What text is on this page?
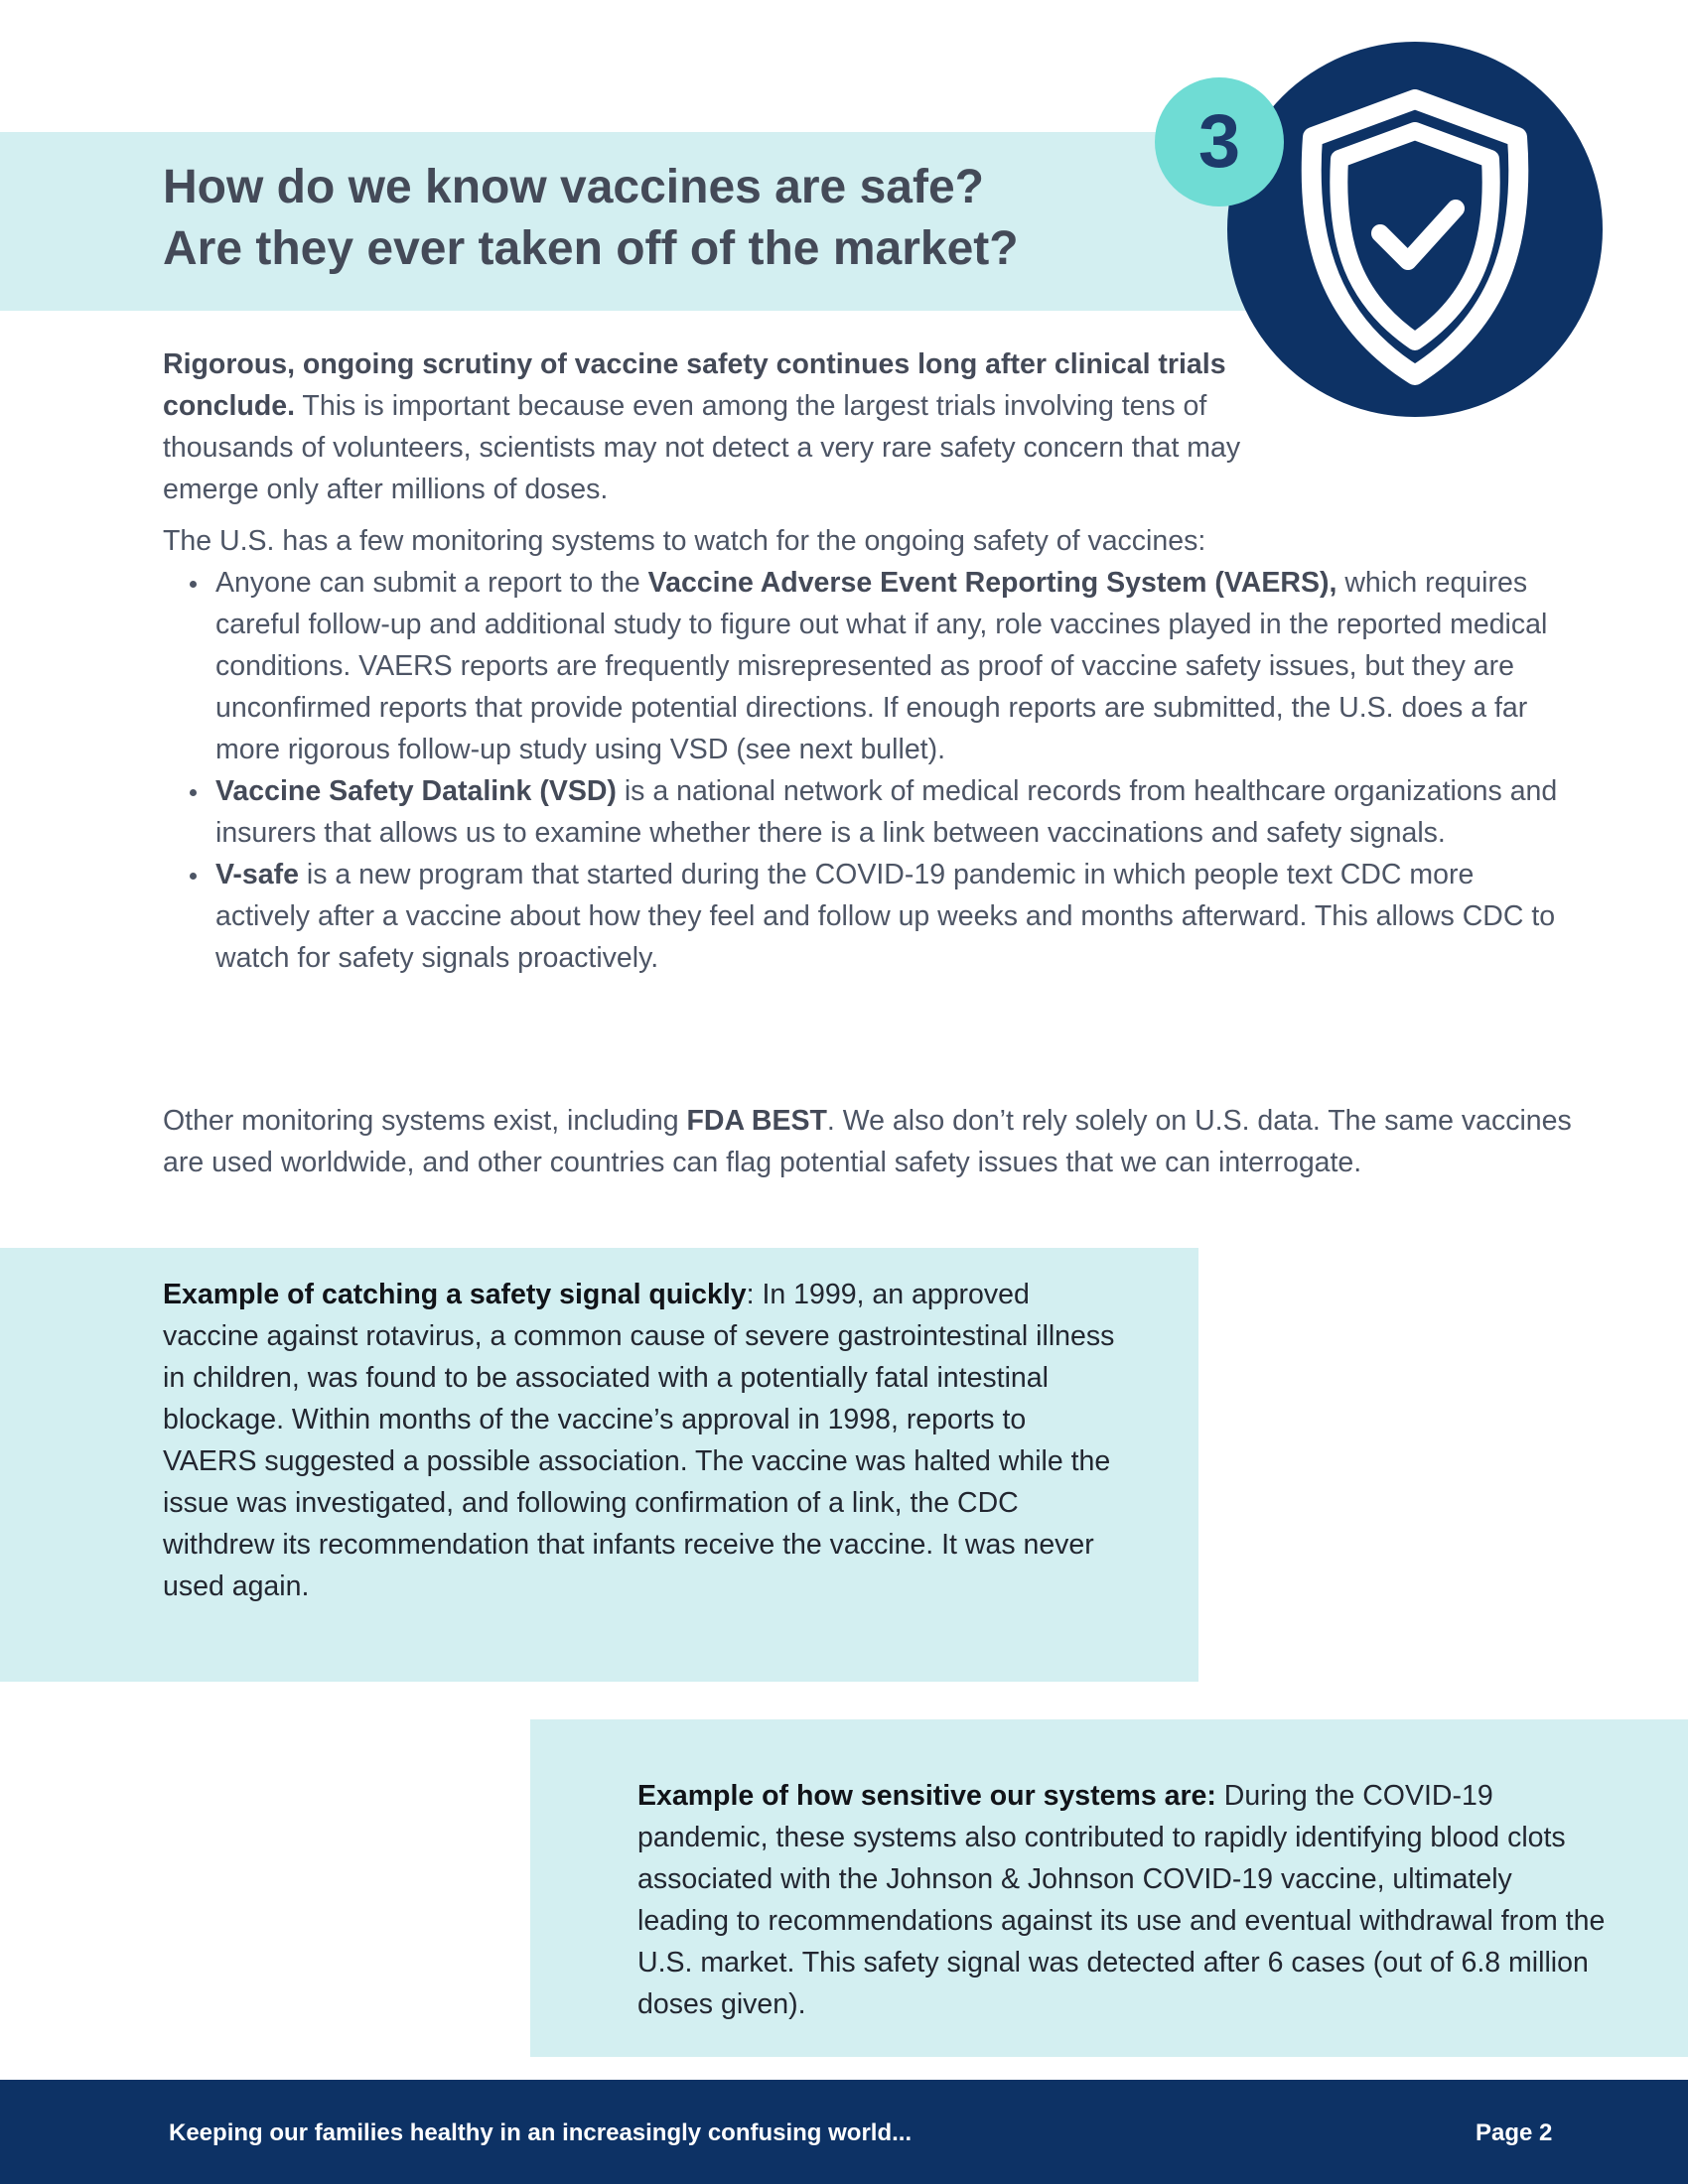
How do we know vaccines are safe?
Are they ever taken off of the market?
3

Rigorous, ongoing scrutiny of vaccine safety continues long after clinical trials conclude. This is important because even among the largest trials involving tens of thousands of volunteers, scientists may not detect a very rare safety concern that may emerge only after millions of doses.

The U.S. has a few monitoring systems to watch for the ongoing safety of vaccines:

Anyone can submit a report to the Vaccine Adverse Event Reporting System (VAERS), which requires careful follow-up and additional study to figure out what if any, role vaccines played in the reported medical conditions. VAERS reports are frequently misrepresented as proof of vaccine safety issues, but they are unconfirmed reports that provide potential directions. If enough reports are submitted, the U.S. does a far more rigorous follow-up study using VSD (see next bullet).
Vaccine Safety Datalink (VSD) is a national network of medical records from healthcare organizations and insurers that allows us to examine whether there is a link between vaccinations and safety signals.
V-safe is a new program that started during the COVID-19 pandemic in which people text CDC more actively after a vaccine about how they feel and follow up weeks and months afterward. This allows CDC to watch for safety signals proactively.

Other monitoring systems exist, including FDA BEST. We also don’t rely solely on U.S. data. The same vaccines are used worldwide, and other countries can flag potential safety issues that we can interrogate.

Example of catching a safety signal quickly: In 1999, an approved vaccine against rotavirus, a common cause of severe gastrointestinal illness in children, was found to be associated with a potentially fatal intestinal blockage. Within months of the vaccine’s approval in 1998, reports to VAERS suggested a possible association. The vaccine was halted while the issue was investigated, and following confirmation of a link, the CDC withdrew its recommendation that infants receive the vaccine. It was never used again.

Example of how sensitive our systems are: During the COVID-19 pandemic, these systems also contributed to rapidly identifying blood clots associated with the Johnson & Johnson COVID-19 vaccine, ultimately leading to recommendations against its use and eventual withdrawal from the U.S. market. This safety signal was detected after 6 cases (out of 6.8 million doses given).

Keeping our families healthy in an increasingly confusing world...	Page 2
